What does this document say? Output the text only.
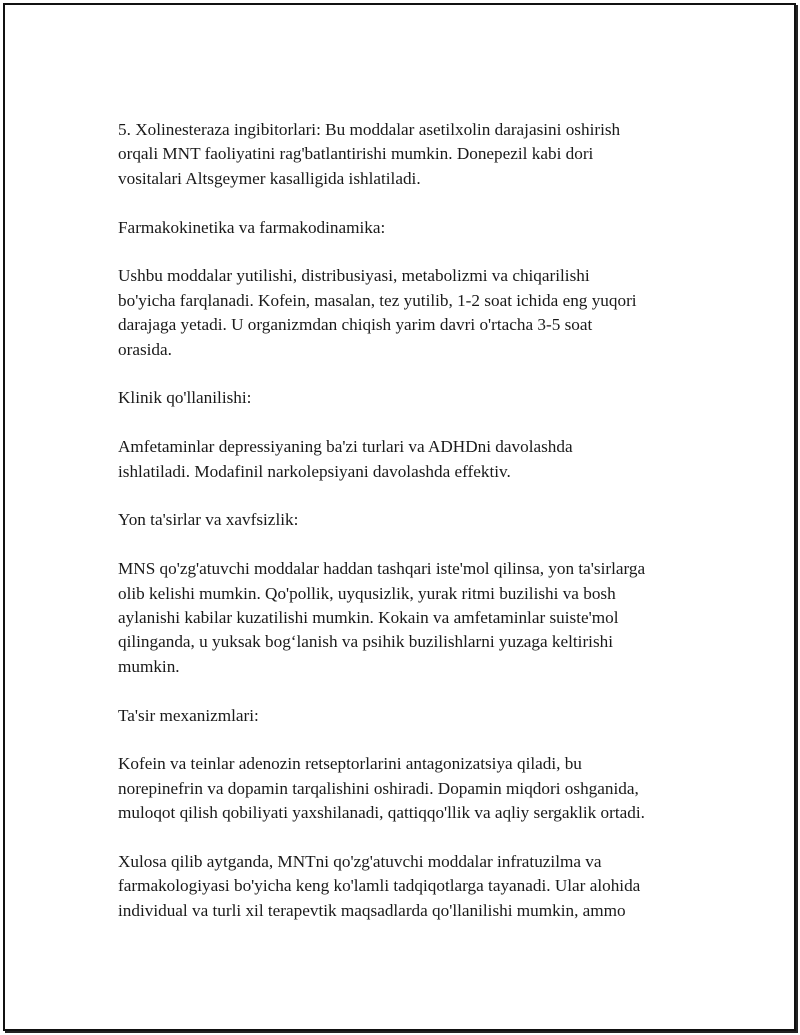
5. Xolinesteraza ingibitorlari: Bu moddalar asetilxolin darajasini oshirish
orqali MNT faoliyatini rag'batlantirishi mumkin. Donepezil kabi dori
vositalari Altsgeymer kasalligida ishlatiladi.

Farmakokinetika va farmakodinamika:

Ushbu moddalar yutilishi, distribusiyasi, metabolizmi va chiqarilishi
bo'yicha farqlanadi. Kofein, masalan, tez yutilib, 1-2 soat ichida eng yuqori
darajaga yetadi. U organizmdan chiqish yarim davri o'rtacha 3-5 soat
orasida.

Klinik qo'llanilishi:

Amfetaminlar depressiyaning ba'zi turlari va ADHDni davolashda
ishlatiladi. Modafinil narkolepsiyani davolashda effektiv.

Yon ta'sirlar va xavfsizlik:

MNS qo'zg'atuvchi moddalar haddan tashqari iste'mol qilinsa, yon ta'sirlarga
olib kelishi mumkin. Qo'pollik, uyqusizlik, yurak ritmi buzilishi va bosh
aylanishi kabilar kuzatilishi mumkin. Kokain va amfetaminlar suiste'mol
qilinganda, u yuksak bog‘lanish va psihik buzilishlarni yuzaga keltirishi
mumkin.

Ta'sir mexanizmlari:

Kofein va teinlar adenozin retseptorlarini antagonizatsiya qiladi, bu
norepinefrin va dopamin tarqalishini oshiradi. Dopamin miqdori oshganida,
muloqot qilish qobiliyati yaxshilanadi, qattiqqo'llik va aqliy sergaklik ortadi.

Xulosa qilib aytganda, MNTni qo'zg'atuvchi moddalar infratuzilma va
farmakologiyasi bo'yicha keng ko'lamli tadqiqotlarga tayanadi. Ular alohida
individual va turli xil terapevtik maqsadlarda qo'llanilishi mumkin, ammo
